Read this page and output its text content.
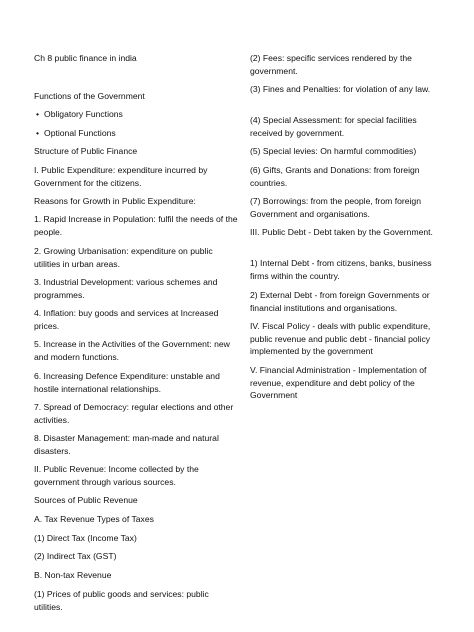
Ch 8 public finance in india

Functions of the Government

• Obligatory Functions

• Optional Functions

Structure of Public Finance

I. Public Expenditure: expenditure incurred by Government for the citizens.

Reasons for Growth in Public Expenditure:

1. Rapid Increase in Population: fulfil the needs of the people.

2. Growing Urbanisation: expenditure on public utilities in urban areas.

3. Industrial Development: various schemes and programmes.

4. Inflation: buy goods and services at Increased prices.

5. Increase in the Activities of the Government: new and modern functions.

6. Increasing Defence Expenditure: unstable and hostile international relationships.

7. Spread of Democracy: regular elections and other activities.

8. Disaster Management: man-made and natural disasters.

II. Public Revenue: Income collected by the government through various sources.

Sources of Public Revenue

A. Tax Revenue Types of Taxes

(1) Direct Tax (Income Tax)

(2) Indirect Tax (GST)

B. Non-tax Revenue

(1) Prices of public goods and services: public utilities.

(2) Fees: specific services rendered by the government.

(3) Fines and Penalties: for violation of any law.

(4) Special Assessment: for special facilities received by government.

(5) Special levies: On harmful commodities)

(6) Gifts, Grants and Donations: from foreign countries.

(7) Borrowings: from the people, from foreign Government and organisations.

III. Public Debt - Debt taken by the Government.

1) Internal Debt - from citizens, banks, business firms within the country.

2) External Debt - from foreign Governments or financial institutions and organisations.

IV. Fiscal Policy - deals with public expenditure, public revenue and public debt - financial policy implemented by the government

V. Financial Administration - Implementation of revenue, expenditure and debt policy of the Government
